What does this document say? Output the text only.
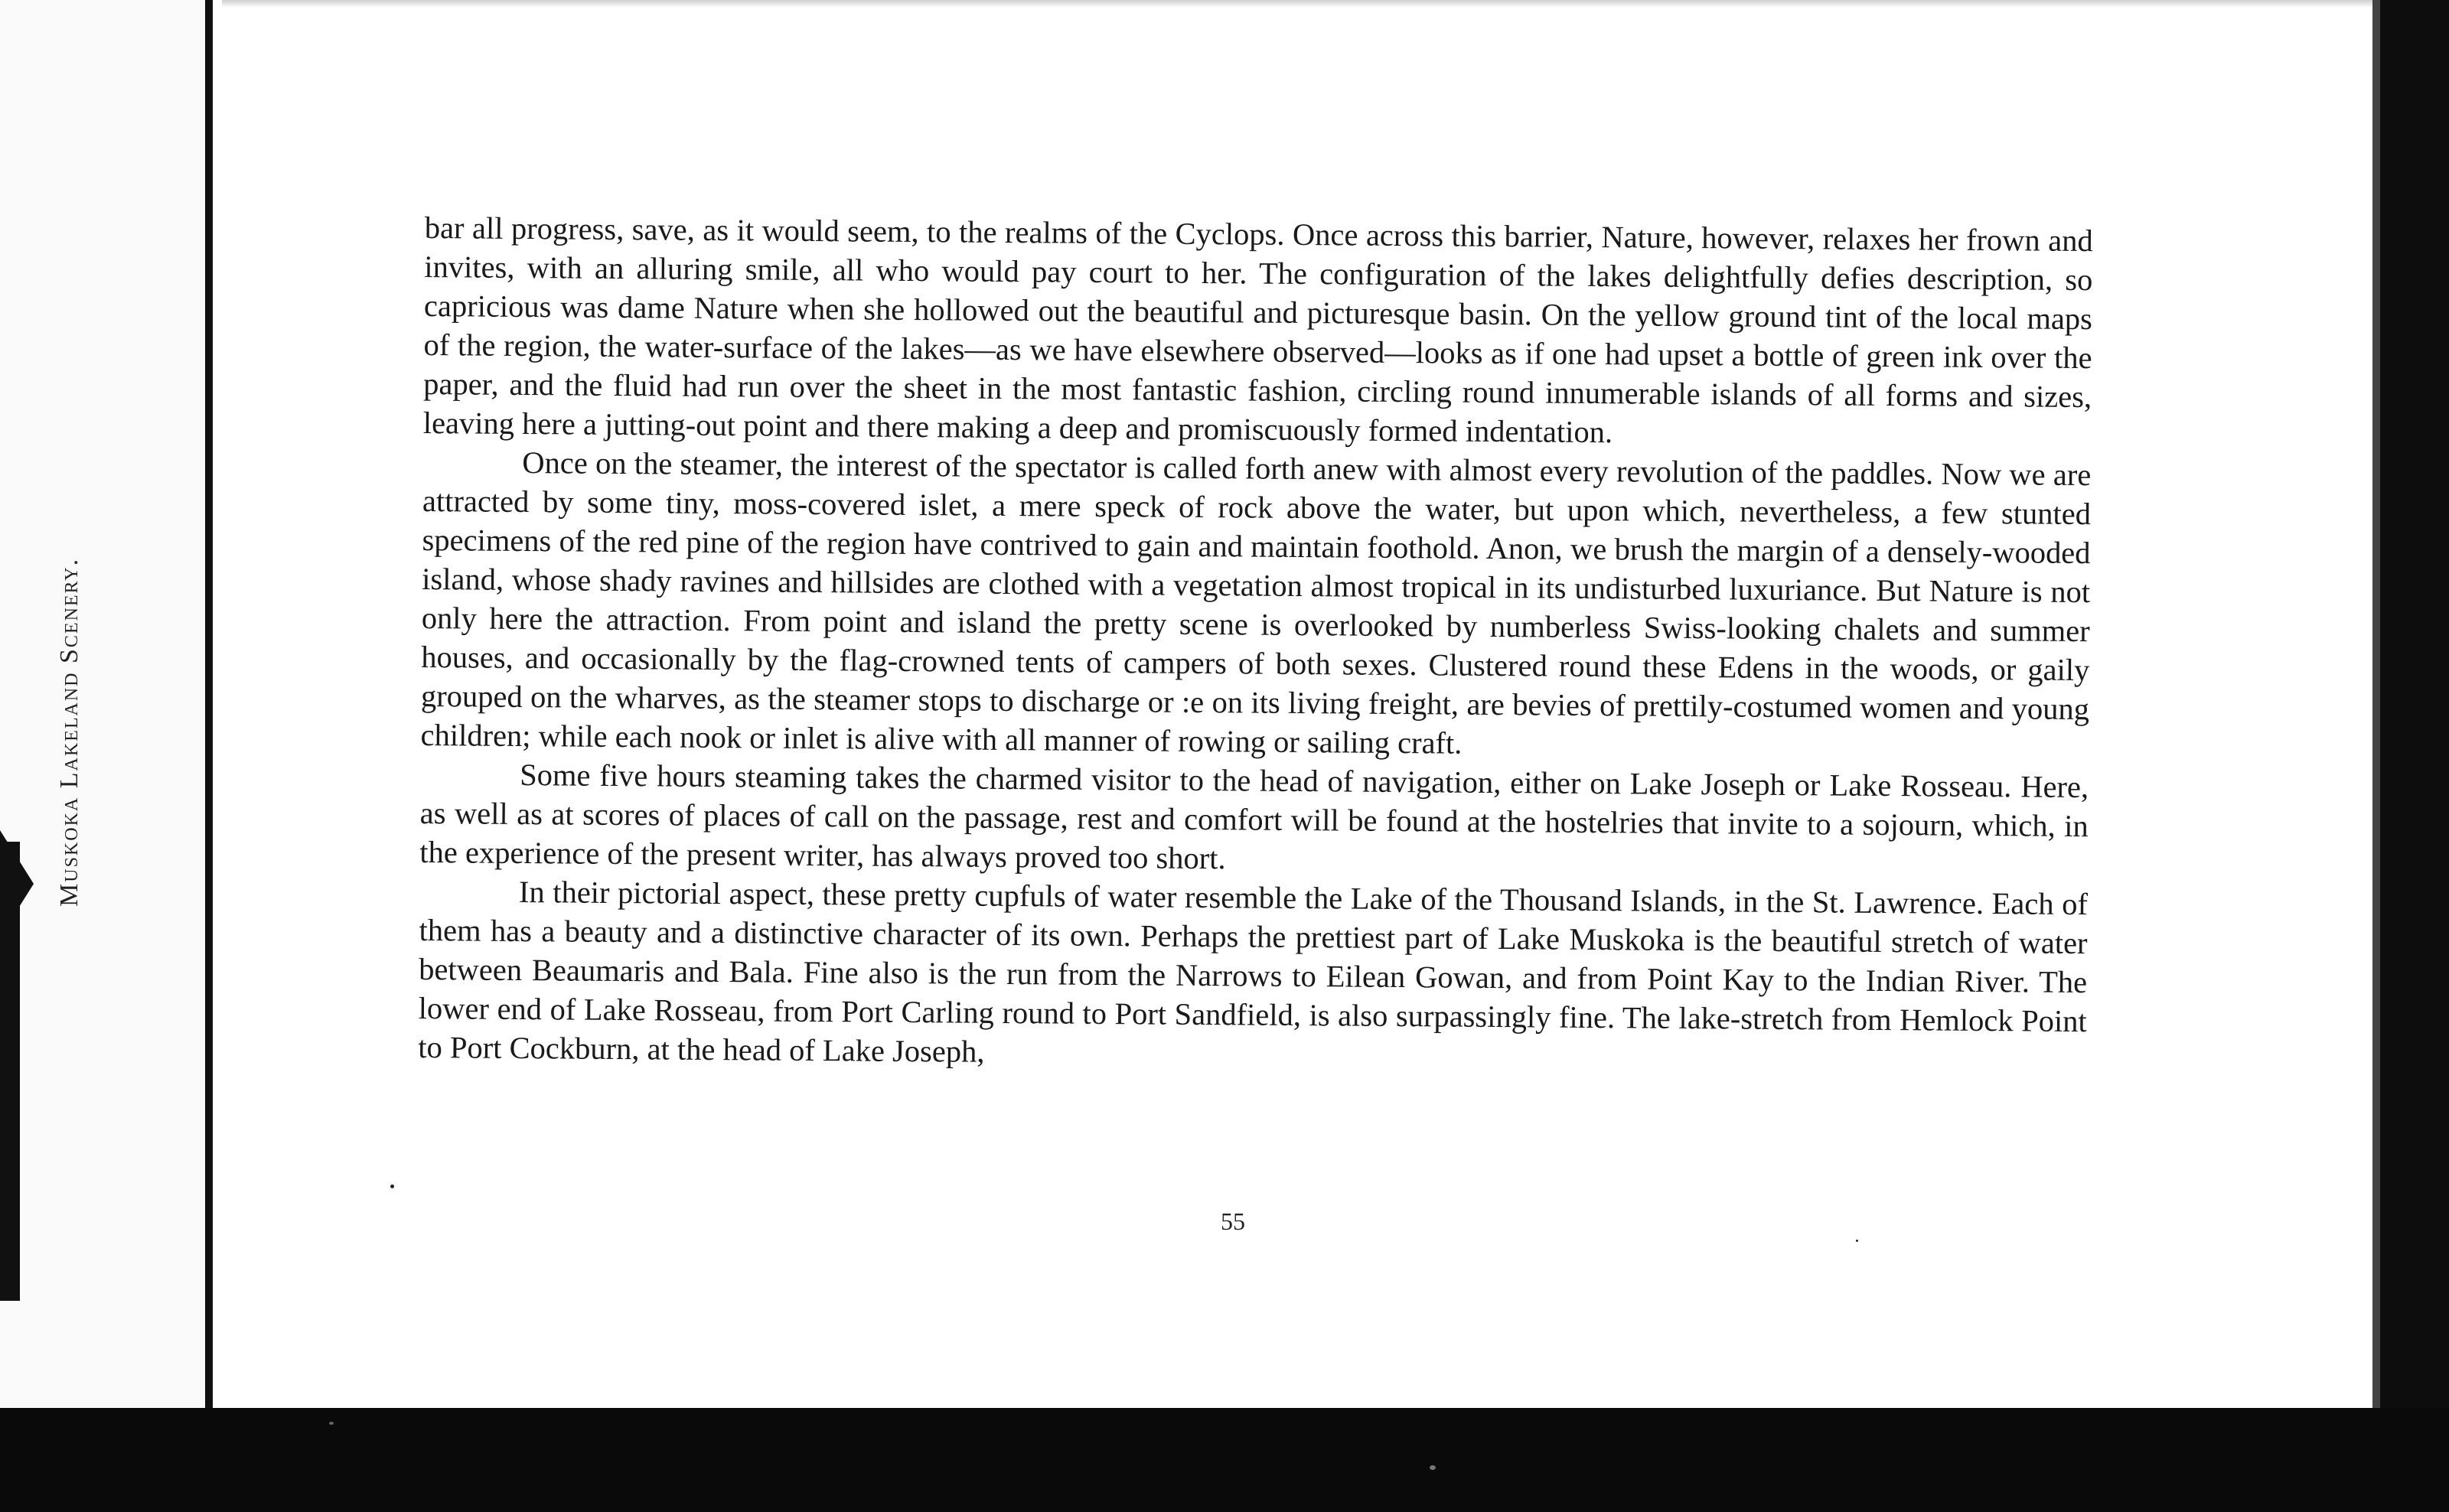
Muskoka Lakeland Scenery.

bar all progress, save, as it would seem, to the realms of the Cyclops. Once across this barrier, Nature, however, relaxes her frown and invites, with an alluring smile, all who would pay court to her. The configuration of the lakes delightfully defies description, so capricious was dame Nature when she hollowed out the beautiful and picturesque basin. On the yellow ground tint of the local maps of the region, the water-surface of the lakes—as we have elsewhere observed—looks as if one had upset a bottle of green ink over the paper, and the fluid had run over the sheet in the most fantastic fashion, circling round innumerable islands of all forms and sizes, leaving here a jutting-out point and there making a deep and promiscuously formed indentation.

Once on the steamer, the interest of the spectator is called forth anew with almost every revolution of the paddles. Now we are attracted by some tiny, moss-covered islet, a mere speck of rock above the water, but upon which, nevertheless, a few stunted specimens of the red pine of the region have contrived to gain and maintain foothold. Anon, we brush the margin of a densely-wooded island, whose shady ravines and hillsides are clothed with a vegetation almost tropical in its undisturbed luxuriance. But Nature is not only here the attraction. From point and island the pretty scene is overlooked by numberless Swiss-looking chalets and summer houses, and occasionally by the flag-crowned tents of campers of both sexes. Clustered round these Edens in the woods, or gaily grouped on the wharves, as the steamer stops to discharge or :e on its living freight, are bevies of prettily-costumed women and young children; while each nook or inlet is alive with all manner of rowing or sailing craft.

Some five hours steaming takes the charmed visitor to the head of navigation, either on Lake Joseph or Lake Rosseau. Here, as well as at scores of places of call on the passage, rest and comfort will be found at the hostelries that invite to a sojourn, which, in the experience of the present writer, has always proved too short.

In their pictorial aspect, these pretty cupfuls of water resemble the Lake of the Thousand Islands, in the St. Lawrence. Each of them has a beauty and a distinctive character of its own. Perhaps the prettiest part of Lake Muskoka is the beautiful stretch of water between Beaumaris and Bala. Fine also is the run from the Narrows to Eilean Gowan, and from Point Kay to the Indian River. The lower end of Lake Rosseau, from Port Carling round to Port Sandfield, is also surpassingly fine. The lake-stretch from Hemlock Point to Port Cockburn, at the head of Lake Joseph,

55
